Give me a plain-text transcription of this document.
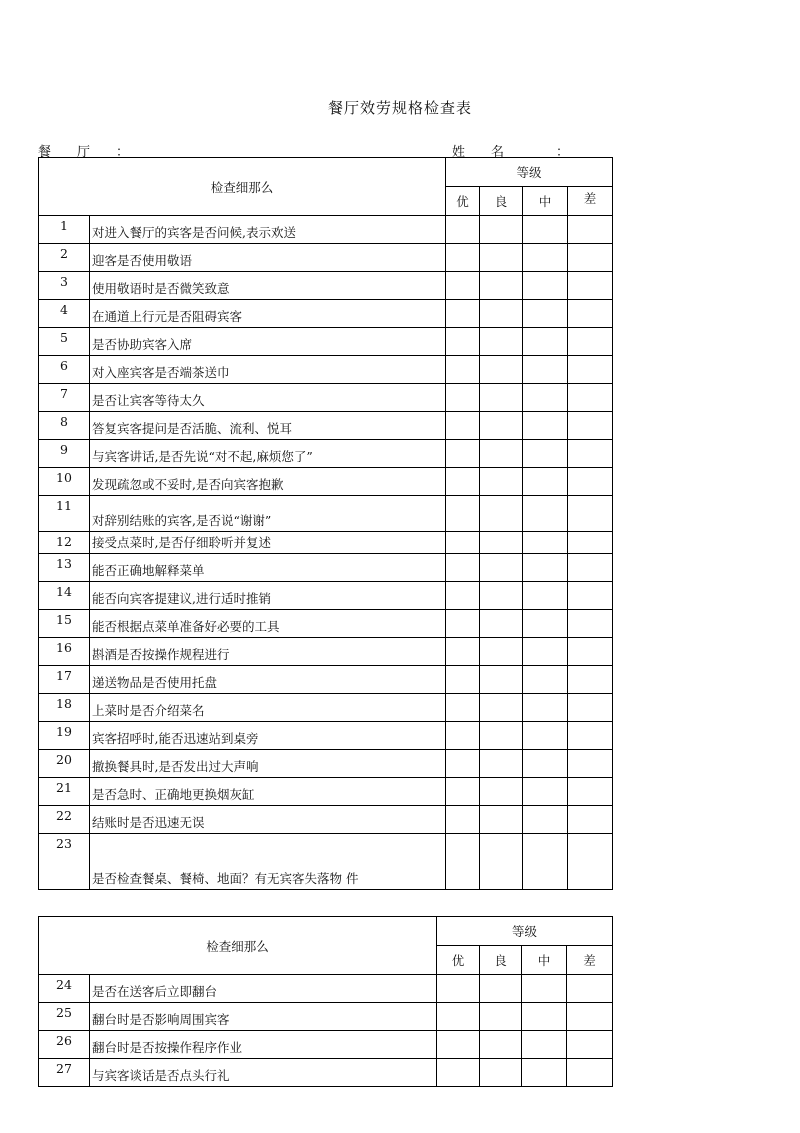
餐厅效劳规格检查表
餐　　厅　　：	姓　　名　　　　：
检查细那么		等级			
		优	良	中	差
1	对进入餐厅的宾客是否问候,表示欢送				
2	迎客是否使用敬语				
3	使用敬语时是否微笑致意				
4	在通道上行元是否阻碍宾客				
5	是否协助宾客入席				
6	对入座宾客是否端茶送巾				
7	是否让宾客等待太久				
8	答复宾客提问是否活脆、流利、悦耳				
9	与宾客讲话,是否先说“对不起,麻烦您了”				
10	发现疏忽或不妥时,是否向宾客抱歉				
11	对辞别结账的宾客,是否说“谢谢”				
12	接受点菜时,是否仔细聆听并复述				
13	能否正确地解释菜单				
14	能否向宾客提建议,进行适时推销				
15	能否根据点菜单准备好必要的工具				
16	斟酒是否按操作规程进行				
17	递送物品是否使用托盘				
18	上菜时是否介绍菜名				
19	宾客招呼时,能否迅速站到桌旁				
20	撤换餐具时,是否发出过大声响				
21	是否急时、正确地更换烟灰缸				
22	结账时是否迅速无误				
23	是否检查餐桌、餐椅、地面？有无宾客失落物 件				
检查细那么		等级			
		优	良	中	差
24	是否在送客后立即翻台				
25	翻台时是否影响周围宾客				
26	翻台时是否按操作程序作业				
27	与宾客谈话是否点头行礼				
